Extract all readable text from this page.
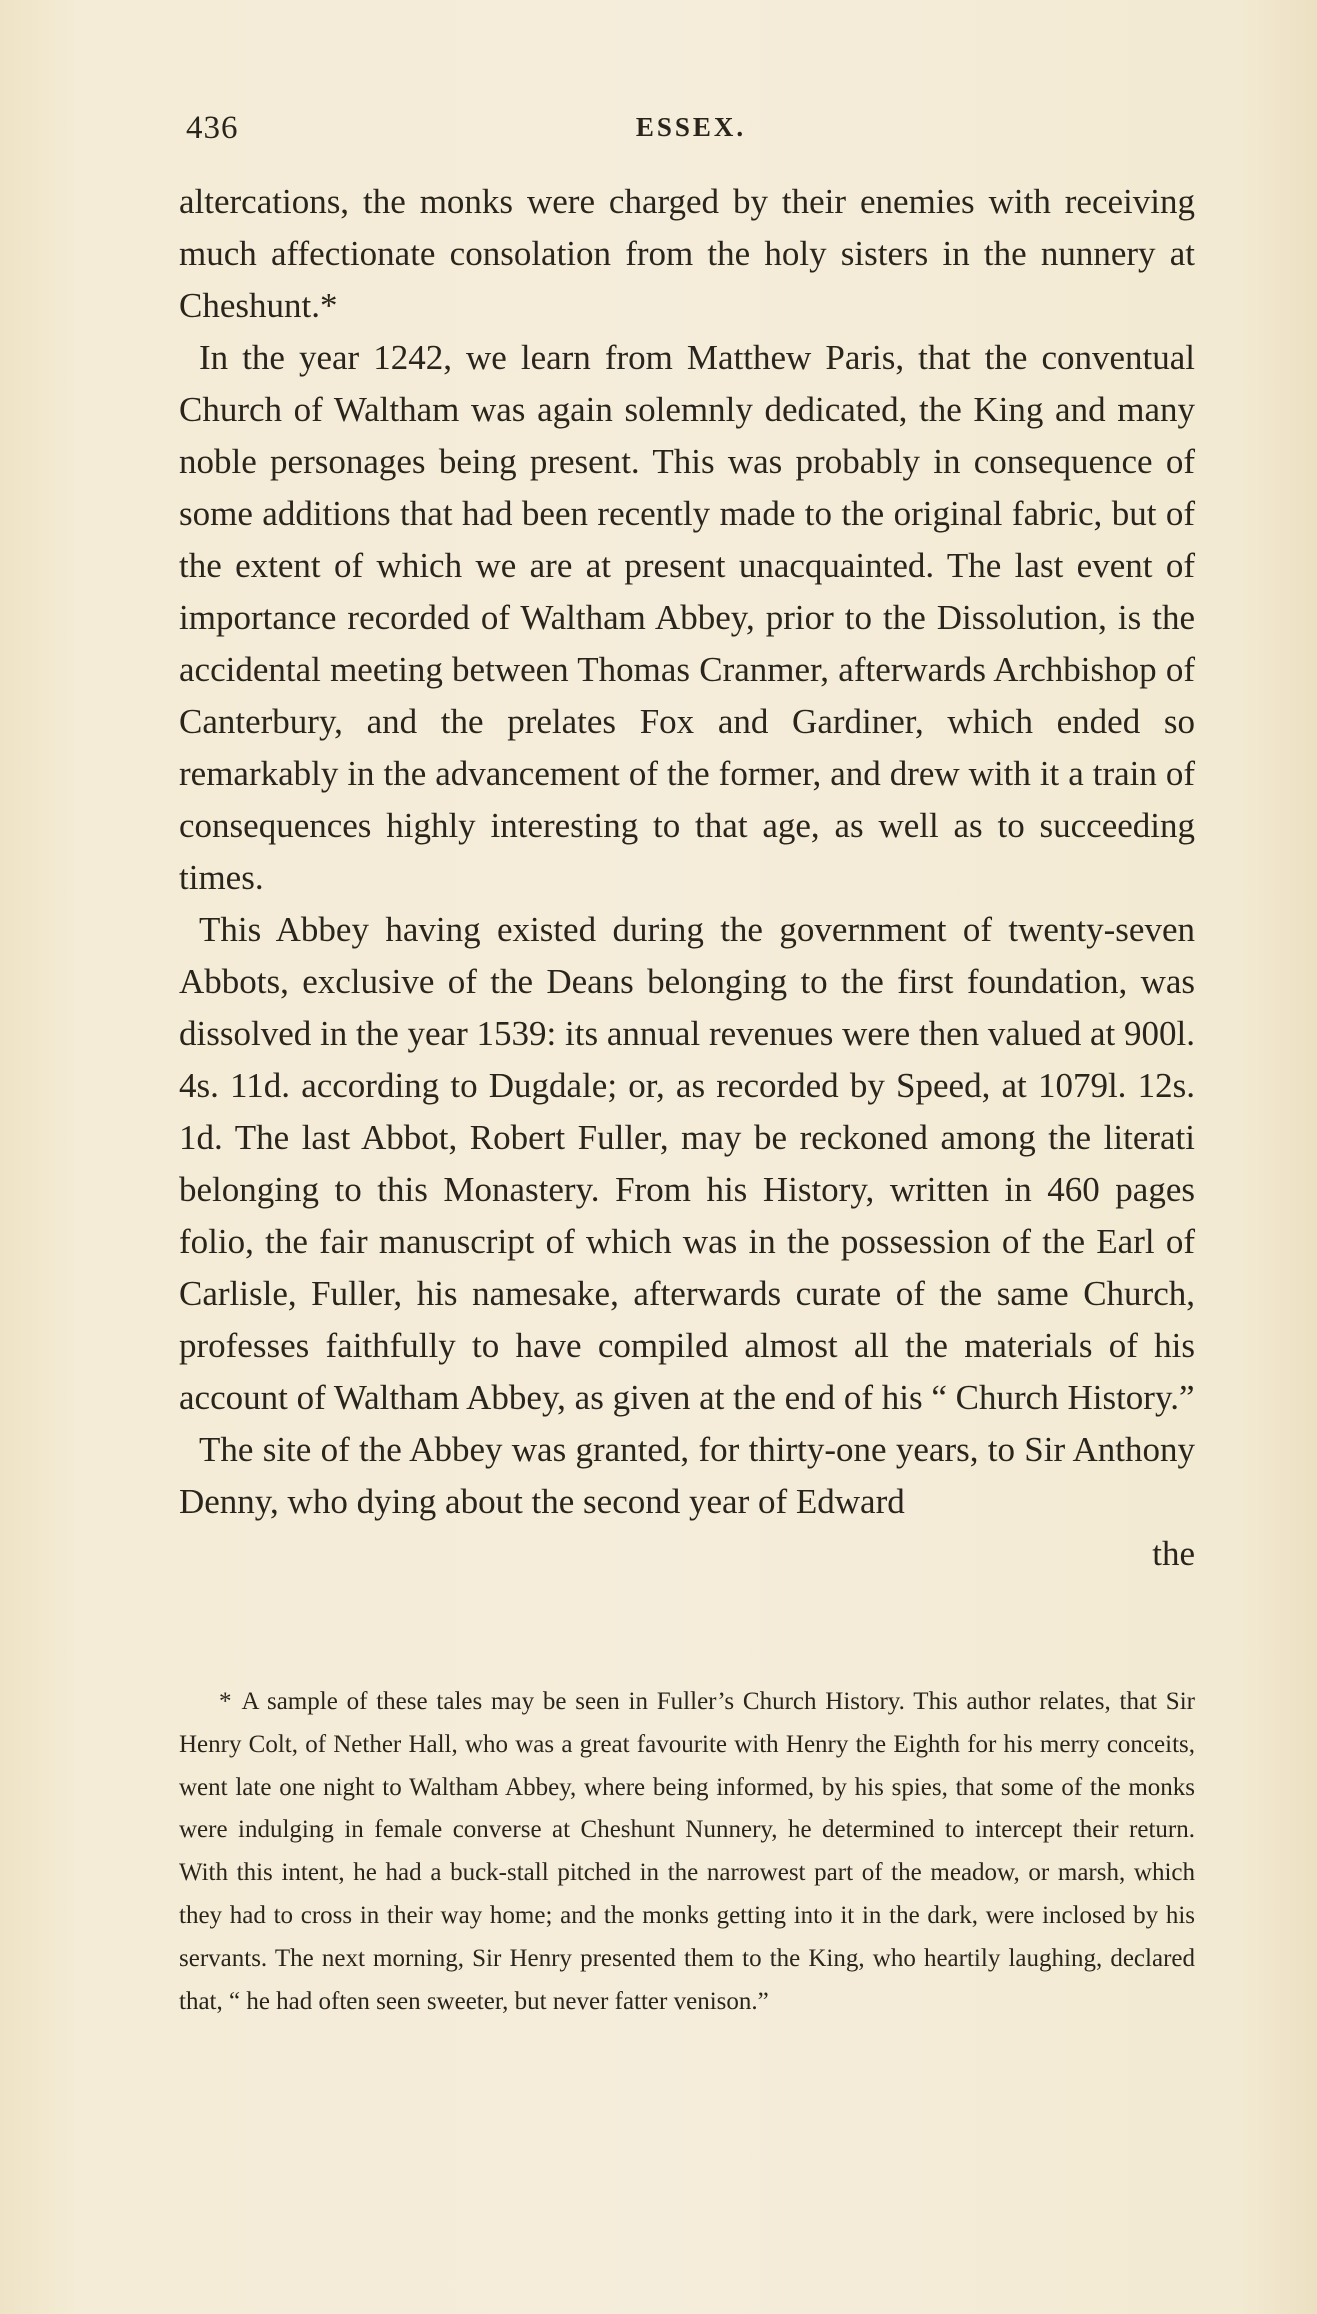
436	ESSEX.

altercations, the monks were charged by their enemies with receiving much affectionate consolation from the holy sisters in the nunnery at Cheshunt.*

In the year 1242, we learn from Matthew Paris, that the conventual Church of Waltham was again solemnly dedicated, the King and many noble personages being present. This was probably in consequence of some additions that had been recently made to the original fabric, but of the extent of which we are at present unacquainted. The last event of importance recorded of Waltham Abbey, prior to the Dissolution, is the accidental meeting between Thomas Cranmer, afterwards Archbishop of Canterbury, and the prelates Fox and Gardiner, which ended so remarkably in the advancement of the former, and drew with it a train of consequences highly interesting to that age, as well as to succeeding times.

This Abbey having existed during the government of twenty-seven Abbots, exclusive of the Deans belonging to the first foundation, was dissolved in the year 1539: its annual revenues were then valued at 900l. 4s. 11d. according to Dugdale; or, as recorded by Speed, at 1079l. 12s. 1d. The last Abbot, Robert Fuller, may be reckoned among the literati belonging to this Monastery. From his History, written in 460 pages folio, the fair manuscript of which was in the possession of the Earl of Carlisle, Fuller, his namesake, afterwards curate of the same Church, professes faithfully to have compiled almost all the materials of his account of Waltham Abbey, as given at the end of his “ Church History.”

The site of the Abbey was granted, for thirty-one years, to Sir Anthony Denny, who dying about the second year of Edward

the

* A sample of these tales may be seen in Fuller’s Church History. This author relates, that Sir Henry Colt, of Nether Hall, who was a great favourite with Henry the Eighth for his merry conceits, went late one night to Waltham Abbey, where being informed, by his spies, that some of the monks were indulging in female converse at Cheshunt Nunnery, he determined to intercept their return. With this intent, he had a buck-stall pitched in the narrowest part of the meadow, or marsh, which they had to cross in their way home; and the monks getting into it in the dark, were inclosed by his servants. The next morning, Sir Henry presented them to the King, who heartily laughing, declared that, “ he had often seen sweeter, but never fatter venison.”
